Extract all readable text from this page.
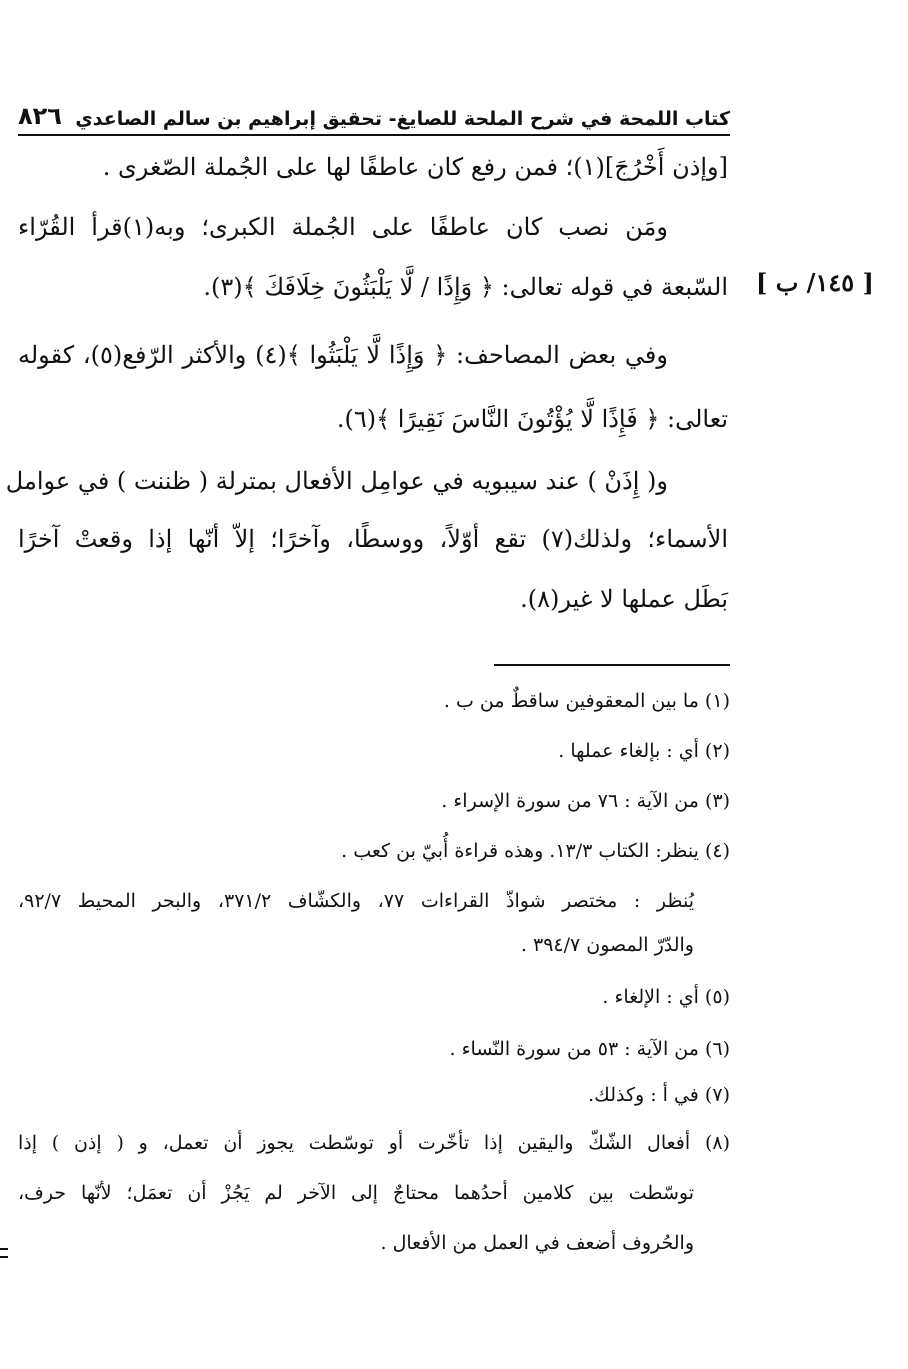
كتاب اللمحة في شرح الملحة للصايغ- تحقيق إبراهيم بن سالم الصاعدي
٨٢٦
[ ١٤٥/ ب ]
[وإذن أَخْرُجَ](١)؛ فمن رفع كان عاطفًا لها على الجُملة الصّغرى .
ومَن نصب كان عاطفًا على الجُملة الكبرى؛ وبه(١)قرأ القُرّاء
السّبعة في قوله تعالى: ﴿ وَإِذًا / لَّا يَلْبَثُونَ خِلَافَكَ ﴾(٣).
وفي بعض المصاحف: ﴿ وَإِذًا لَّا يَلْبَثُوا ﴾(٤) والأكثر الرّفع(٥)، كقوله
تعالى: ﴿ فَإِذًا لَّا يُؤْتُونَ النَّاسَ نَقِيرًا ﴾(٦).
و( إِذَنْ ) عند سيبويه في عوامِل الأفعال بمترلة ( ظننت ) في عوامل
الأسماء؛ ولذلك(٧) تقع أوّلاً، ووسطًا، وآخرًا؛ إلاّ أنّها إذا وقعتْ آخرًا
بَطَل عملها لا غير(٨).
(١) ما بين المعقوفين ساقطٌ من ب .
(٢) أي : بإلغاء عملها .
(٣) من الآية : ٧٦ من سورة الإسراء .
(٤) ينظر: الكتاب ١٣/٣. وهذه قراءة أُبيّ بن كعب .
يُنظر : مختصر شواذّ القراءات ٧٧، والكشّاف ٣٧١/٢، والبحر المحيط ٩٢/٧،
والدّرّ المصون ٣٩٤/٧ .
(٥) أي : الإلغاء .
(٦) من الآية : ٥٣ من سورة النّساء .
(٧) في أ : وكذلك.
(٨) أفعال الشّكّ واليقين إذا تأخّرت أو توسّطت يجوز أن تعمل، و ( إذن ) إذا
توسّطت بين كلامين أحدُهما محتاجٌ إلى الآخر لم يَجُزْ أن تعمَل؛ لأنّها حرف،
والحُروف أضعف في العمل من الأفعال .
